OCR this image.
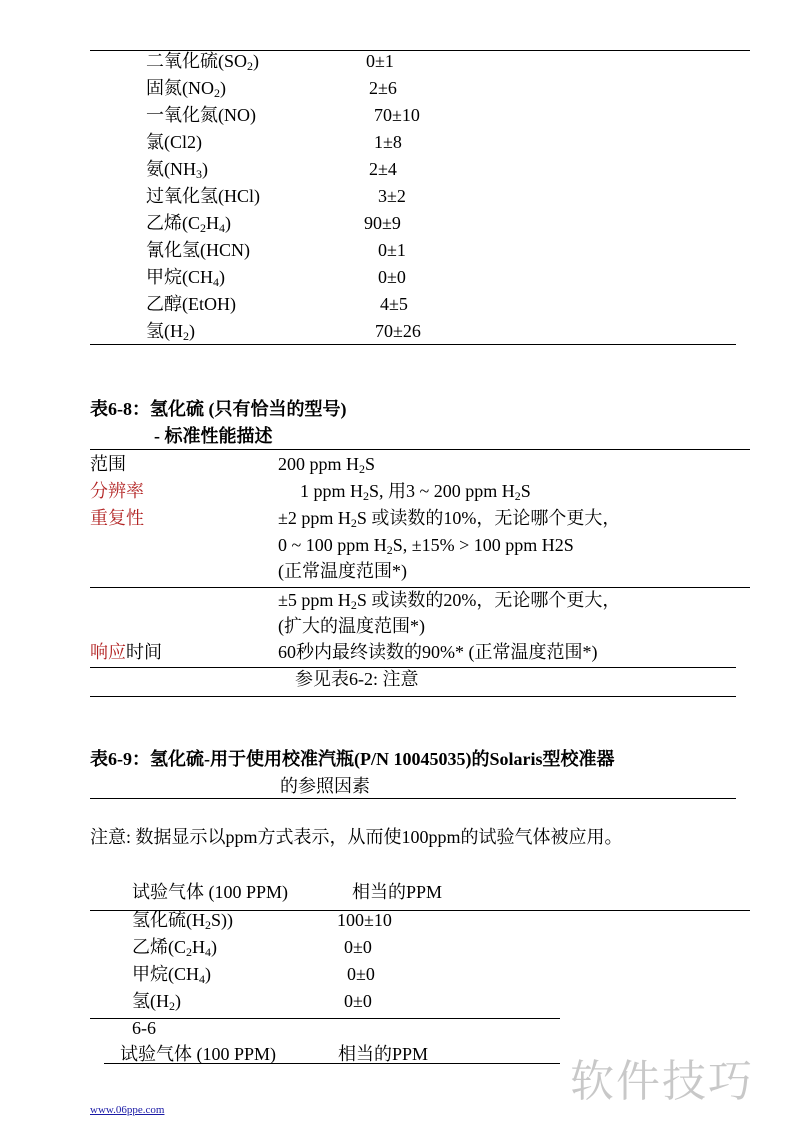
二氧化硫$(SO_2)$	0±1
固氮$(NO_2)$	2±6
一氧化氮(NO)	70±10
氯(Cl2)	1±8
氨$(NH_3)$	2±4
过氧化氢(HCl)	3±2
乙烯$(C_2H_4)$	90±9
氰化氢(HCN)	0±1
甲烷$(CH_4)$	0±0
乙醇(EtOH)	4±5
氢$(H_2)$	70±26
表6-8：氢化硫 (只有恰当的型号)
- 标准性能描述
范围	200 ppm $H_2S$
分辨率	1 ppm $H_2S$, 用3 ~ 200 ppm $H_2S$
重复性	±2 ppm $H_2S$ 或读数的10%，无论哪个更大，
0 ~ 100 ppm $H_2S$, ±15% > 100 ppm H2S
(正常温度范围*)
±5 ppm $H_2S$ 或读数的20%，无论哪个更大，
(扩大的温度范围*)
响应时间	60秒内最终读数的90%* (正常温度范围*)
参见表6-2: 注意
表6-9：氢化硫-用于使用校准汽瓶(P/N 10045035)的Solaris型校准器
的参照因素
注意: 数据显示以ppm方式表示，从而使100ppm的试验气体被应用。
试验气体 (100 PPM)	相当的PPM
氢化硫$(H_2S)$)	100±10
乙烯$(C_2H_4)$	0±0
甲烷$(CH_4)$	0±0
氢$(H_2)$	0±0
6-6
试验气体 (100 PPM)	相当的PPM
软件技巧
www.06ppe.com
